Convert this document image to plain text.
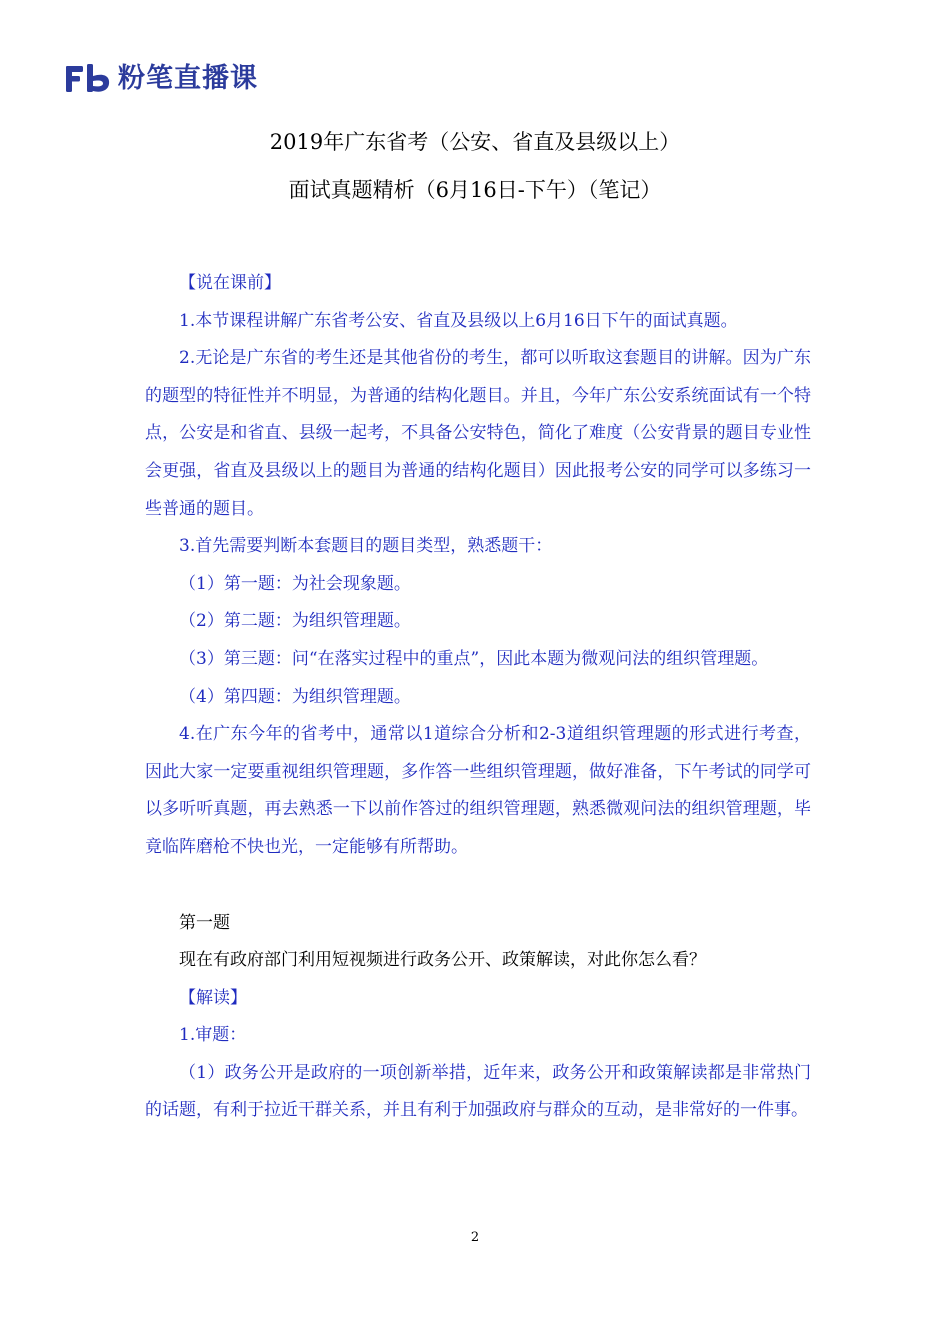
粉笔直播课
2019年广东省考（公安、省直及县级以上）
面试真题精析（6月16日-下午）（笔记）

【说在课前】

1.本节课程讲解广东省考公安、省直及县级以上6月16日下午的面试真题。

2.无论是广东省的考生还是其他省份的考生，都可以听取这套题目的讲解。因为广东的题型的特征性并不明显，为普通的结构化题目。并且，今年广东公安系统面试有一个特点，公安是和省直、县级一起考，不具备公安特色，简化了难度（公安背景的题目专业性会更强，省直及县级以上的题目为普通的结构化题目）因此报考公安的同学可以多练习一些普通的题目。

3.首先需要判断本套题目的题目类型，熟悉题干：

（1）第一题：为社会现象题。

（2）第二题：为组织管理题。

（3）第三题：问“在落实过程中的重点”，因此本题为微观问法的组织管理题。

（4）第四题：为组织管理题。

4.在广东今年的省考中，通常以1道综合分析和2-3道组织管理题的形式进行考查，因此大家一定要重视组织管理题，多作答一些组织管理题，做好准备，下午考试的同学可以多听听真题，再去熟悉一下以前作答过的组织管理题，熟悉微观问法的组织管理题，毕竟临阵磨枪不快也光，一定能够有所帮助。

第一题

现在有政府部门利用短视频进行政务公开、政策解读，对此你怎么看？

【解读】

1.审题：

（1）政务公开是政府的一项创新举措，近年来，政务公开和政策解读都是非常热门的话题，有利于拉近干群关系，并且有利于加强政府与群众的互动，是非常好的一件事。

2
